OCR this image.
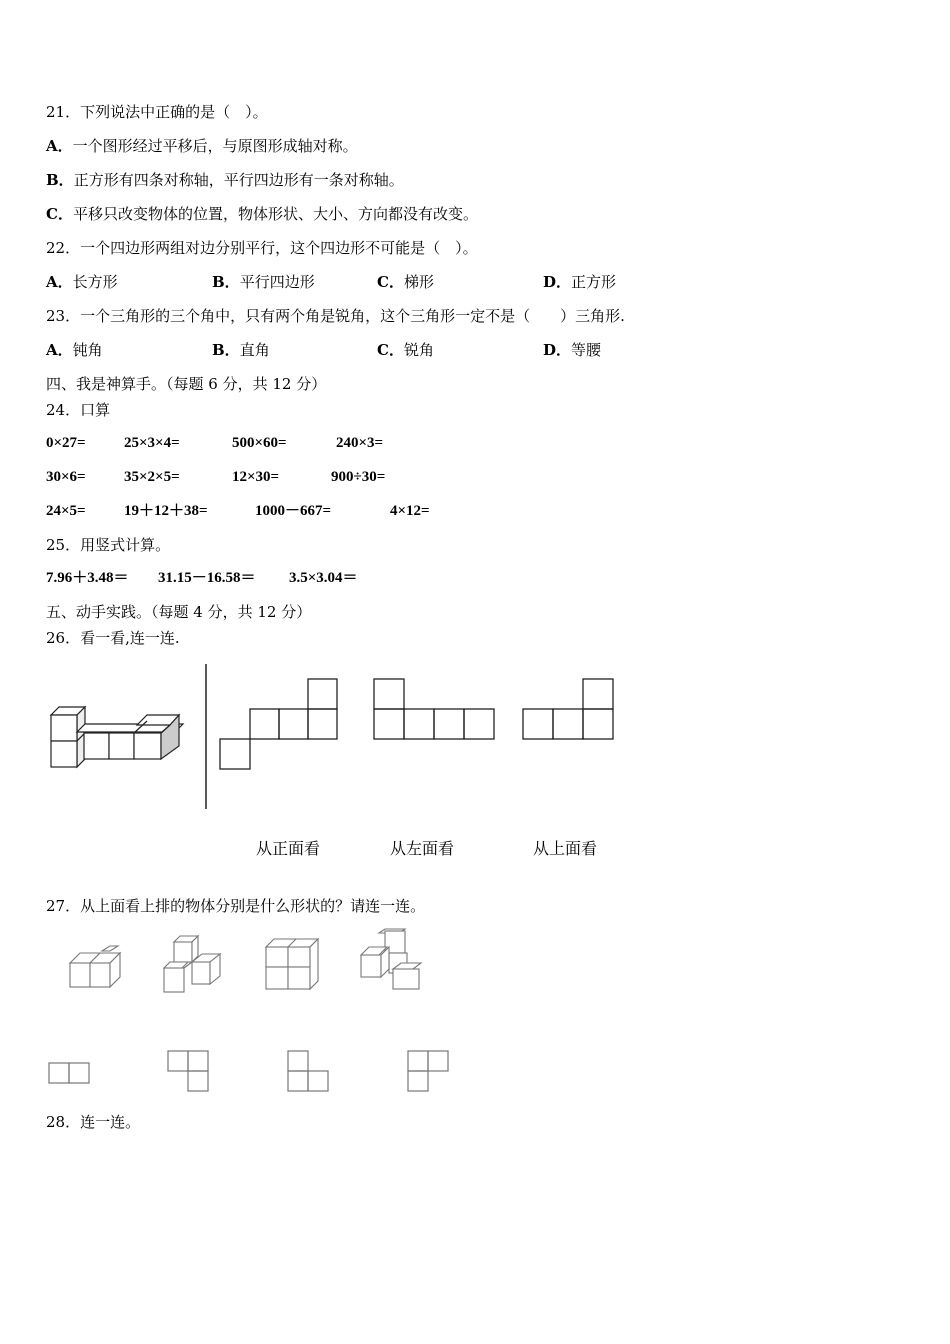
21．下列说法中正确的是（　）。
A．一个图形经过平移后，与原图形成轴对称。
B．正方形有四条对称轴，平行四边形有一条对称轴。
C．平移只改变物体的位置，物体形状、大小、方向都没有改变。
22．一个四边形两组对边分别平行，这个四边形不可能是（　）。
A．长方形	B．平行四边形	C．梯形	D．正方形
23．一个三角形的三个角中，只有两个角是锐角，这个三角形一定不是（　　）三角形.
A．钝角	B．直角	C．锐角	D．等腰
四、我是神算手。（每题 6 分，共 12 分）
24．口算
0×27=	25×3×4=	500×60=	240×3=
30×6=	35×2×5=	12×30=	900÷30=
24×5=	19＋12＋38=	1000－667=	4×12=
25．用竖式计算。
7.96＋3.48＝ 31.15－16.58＝ 3.5×3.04＝
五、动手实践。（每题 4 分，共 12 分）
26．看一看,连一连.
从正面看	从左面看	从上面看
27．从上面看上排的物体分别是什么形状的？请连一连。
28．连一连。
